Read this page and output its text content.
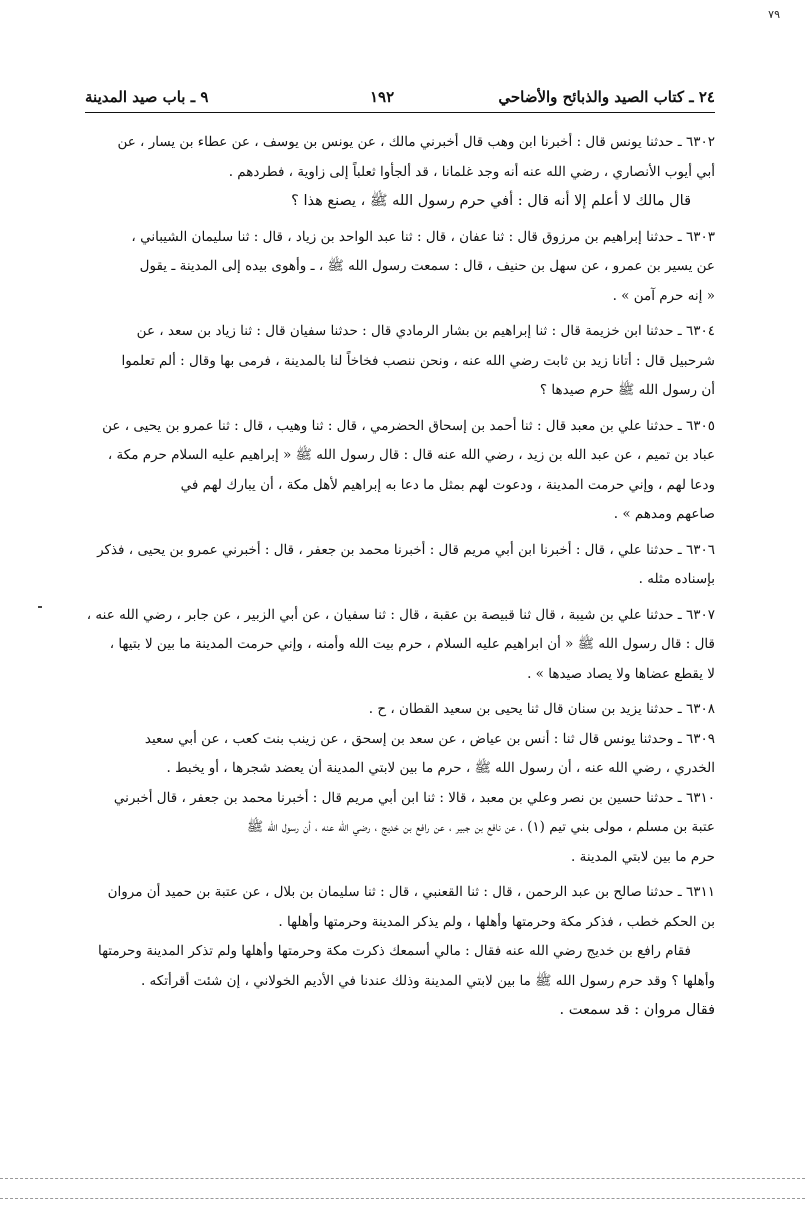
٧٩
٢٤ ـ كتاب الصيد والذبائح والأضاحي
١٩٢
٩ ـ باب صيد المدينة
٦٣٠٢ ـ حدثنا يونس قال : أخبرنا ابن وهب قال أخبرني مالك ، عن يونس بن يوسف ، عن عطاء بن يسار ، عن
أبي أيوب الأنصاري ، رضي الله عنه أنه وجد غلمانا ، قد ألجأوا ثعلباً إلى زاوية ، فطردهم .
قال مالك لا أعلم إلا أنه قال : أفي حرم رسول الله ﷺ ، يصنع هذا ؟
٦٣٠٣ ـ حدثنا إبراهيم بن مرزوق قال : ثنا عفان ، قال : ثنا عبد الواحد بن زياد ، قال : ثنا سليمان الشيباني ،
عن يسير بن عمرو ، عن سهل بن حنيف ، قال : سمعت رسول الله ﷺ ، ـ وأهوى بيده إلى المدينة ـ يقول
« إنه حرم آمن » .
٦٣٠٤ ـ حدثنا ابن خزيمة قال : ثنا إبراهيم بن بشار الرمادي قال : حدثنا سفيان قال : ثنا زياد بن سعد ، عن
شرحبيل قال : أتانا زيد بن ثابت رضي الله عنه ، ونحن ننصب فخاخاً لنا بالمدينة ، فرمى بها وقال : ألم تعلموا
أن رسول الله ﷺ حرم صيدها ؟
٦٣٠٥ ـ حدثنا علي بن معبد قال : ثنا أحمد بن إسحاق الحضرمي ، قال : ثنا وهيب ، قال : ثنا عمرو بن يحيى ، عن
عباد بن تميم ، عن عبد الله بن زيد ، رضي الله عنه قال : قال رسول الله ﷺ « إبراهيم عليه السلام حرم مكة ،
ودعا لهم ، وإني حرمت المدينة ، ودعوت لهم بمثل ما دعا به إبراهيم لأهل مكة ، أن يبارك لهم في
صاعهم ومدهم » .
٦٣٠٦ ـ حدثنا علي ، قال : أخبرنا ابن أبي مريم قال : أخبرنا محمد بن جعفر ، قال : أخبرني عمرو بن يحيى ، فذكر
بإسناده مثله .
٦٣٠٧ ـ حدثنا علي بن شيبة ، قال ثنا قبيصة بن عقبة ، قال : ثنا سفيان ، عن أبي الزبير ، عن جابر ، رضي الله عنه ،
قال : قال رسول الله ﷺ « أن ابراهيم عليه السلام ، حرم بيت الله وأمنه ، وإني حرمت المدينة ما بين لا بتيها ،
لا يقطع عضاها ولا يصاد صيدها » .
٦٣٠٨ ـ حدثنا يزيد بن سنان قال ثنا يحيى بن سعيد القطان ، ح .
٦٣٠٩ ـ وحدثنا يونس قال ثنا : أنس بن عياض ، عن سعد بن إسحق ، عن زينب بنت كعب ، عن أبي سعيد
الخدري ، رضي الله عنه ، أن رسول الله ﷺ ، حرم ما بين لابتي المدينة أن يعضد شجرها ، أو يخبط .
٦٣١٠ ـ حدثنا حسين بن نصر وعلي بن معبد ، قالا : ثنا ابن أبي مريم قال : أخبرنا محمد بن جعفر ، قال أخبرني
عتبة بن مسلم ، مولى بني تيم (١) ، عن نافع بن جبير ، عن رافع بن خديج ، رضي الله عنه ، أن رسول الله ﷺ
حرم ما بين لابتي المدينة .
٦٣١١ ـ حدثنا صالح بن عبد الرحمن ، قال : ثنا القعنبي ، قال : ثنا سليمان بن بلال ، عن عتبة بن حميد أن مروان
بن الحكم خطب ، فذكر مكة وحرمتها وأهلها ، ولم يذكر المدينة وحرمتها وأهلها .
فقام رافع بن خديج رضي الله عنه فقال : مالي أسمعك ذكرت مكة وحرمتها وأهلها ولم تذكر المدينة وحرمتها
وأهلها ؟ وقد حرم رسول الله ﷺ ما بين لابتي المدينة وذلك عندنا في الأديم الخولاني ، إن شئت أقرأتكه .
فقال مروان : قد سمعت .
